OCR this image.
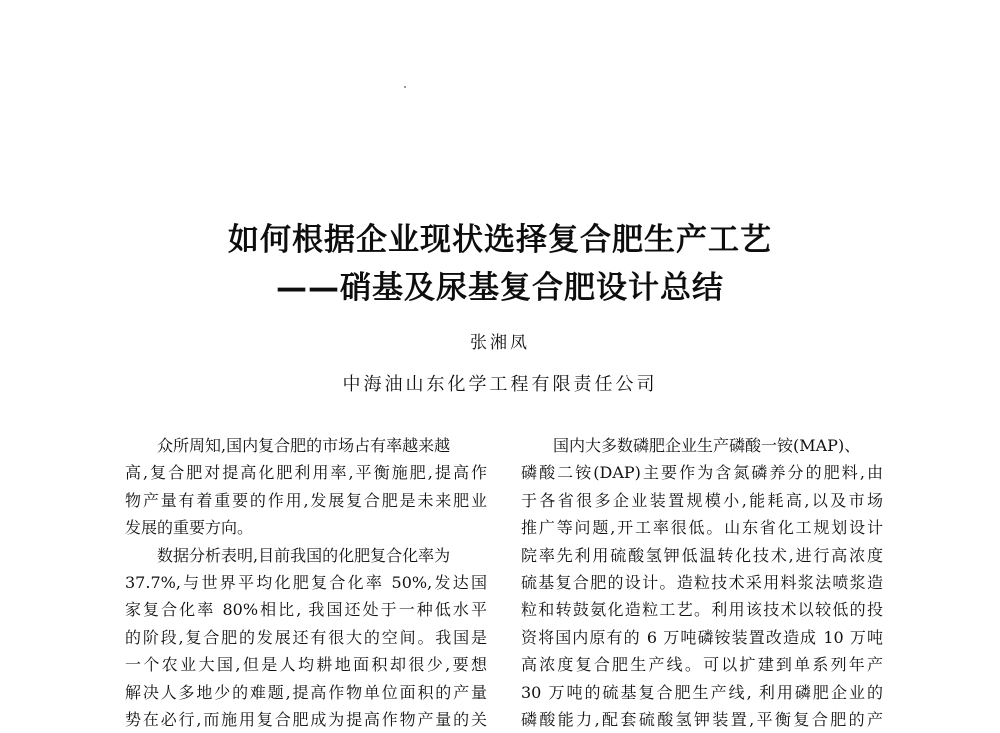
如何根据企业现状选择复合肥生产工艺
——硝基及尿基复合肥设计总结
张湘凤
中海油山东化学工程有限责任公司
众所周知,国内复合肥的市场占有率越来越
高,复合肥对提高化肥利用率,平衡施肥,提高作
物产量有着重要的作用,发展复合肥是未来肥业
发展的重要方向。
数据分析表明,目前我国的化肥复合化率为
37.7%,与世界平均化肥复合化率 50%,发达国
家复合化率 80%相比, 我国还处于一种低水平
的阶段,复合肥的发展还有很大的空间。我国是
一个农业大国,但是人均耕地面积却很少,要想
解决人多地少的难题,提高作物单位面积的产量
势在必行,而施用复合肥成为提高作物产量的关
国内大多数磷肥企业生产磷酸一铵(MAP)、
磷酸二铵(DAP)主要作为含氮磷养分的肥料,由
于各省很多企业装置规模小,能耗高,以及市场
推广等问题,开工率很低。山东省化工规划设计
院率先利用硫酸氢钾低温转化技术,进行高浓度
硫基复合肥的设计。造粒技术采用料浆法喷浆造
粒和转鼓氨化造粒工艺。利用该技术以较低的投
资将国内原有的 6 万吨磷铵装置改造成 10 万吨
高浓度复合肥生产线。可以扩建到单系列年产
30 万吨的硫基复合肥生产线, 利用磷肥企业的
磷酸能力,配套硫酸氢钾装置,平衡复合肥的产
